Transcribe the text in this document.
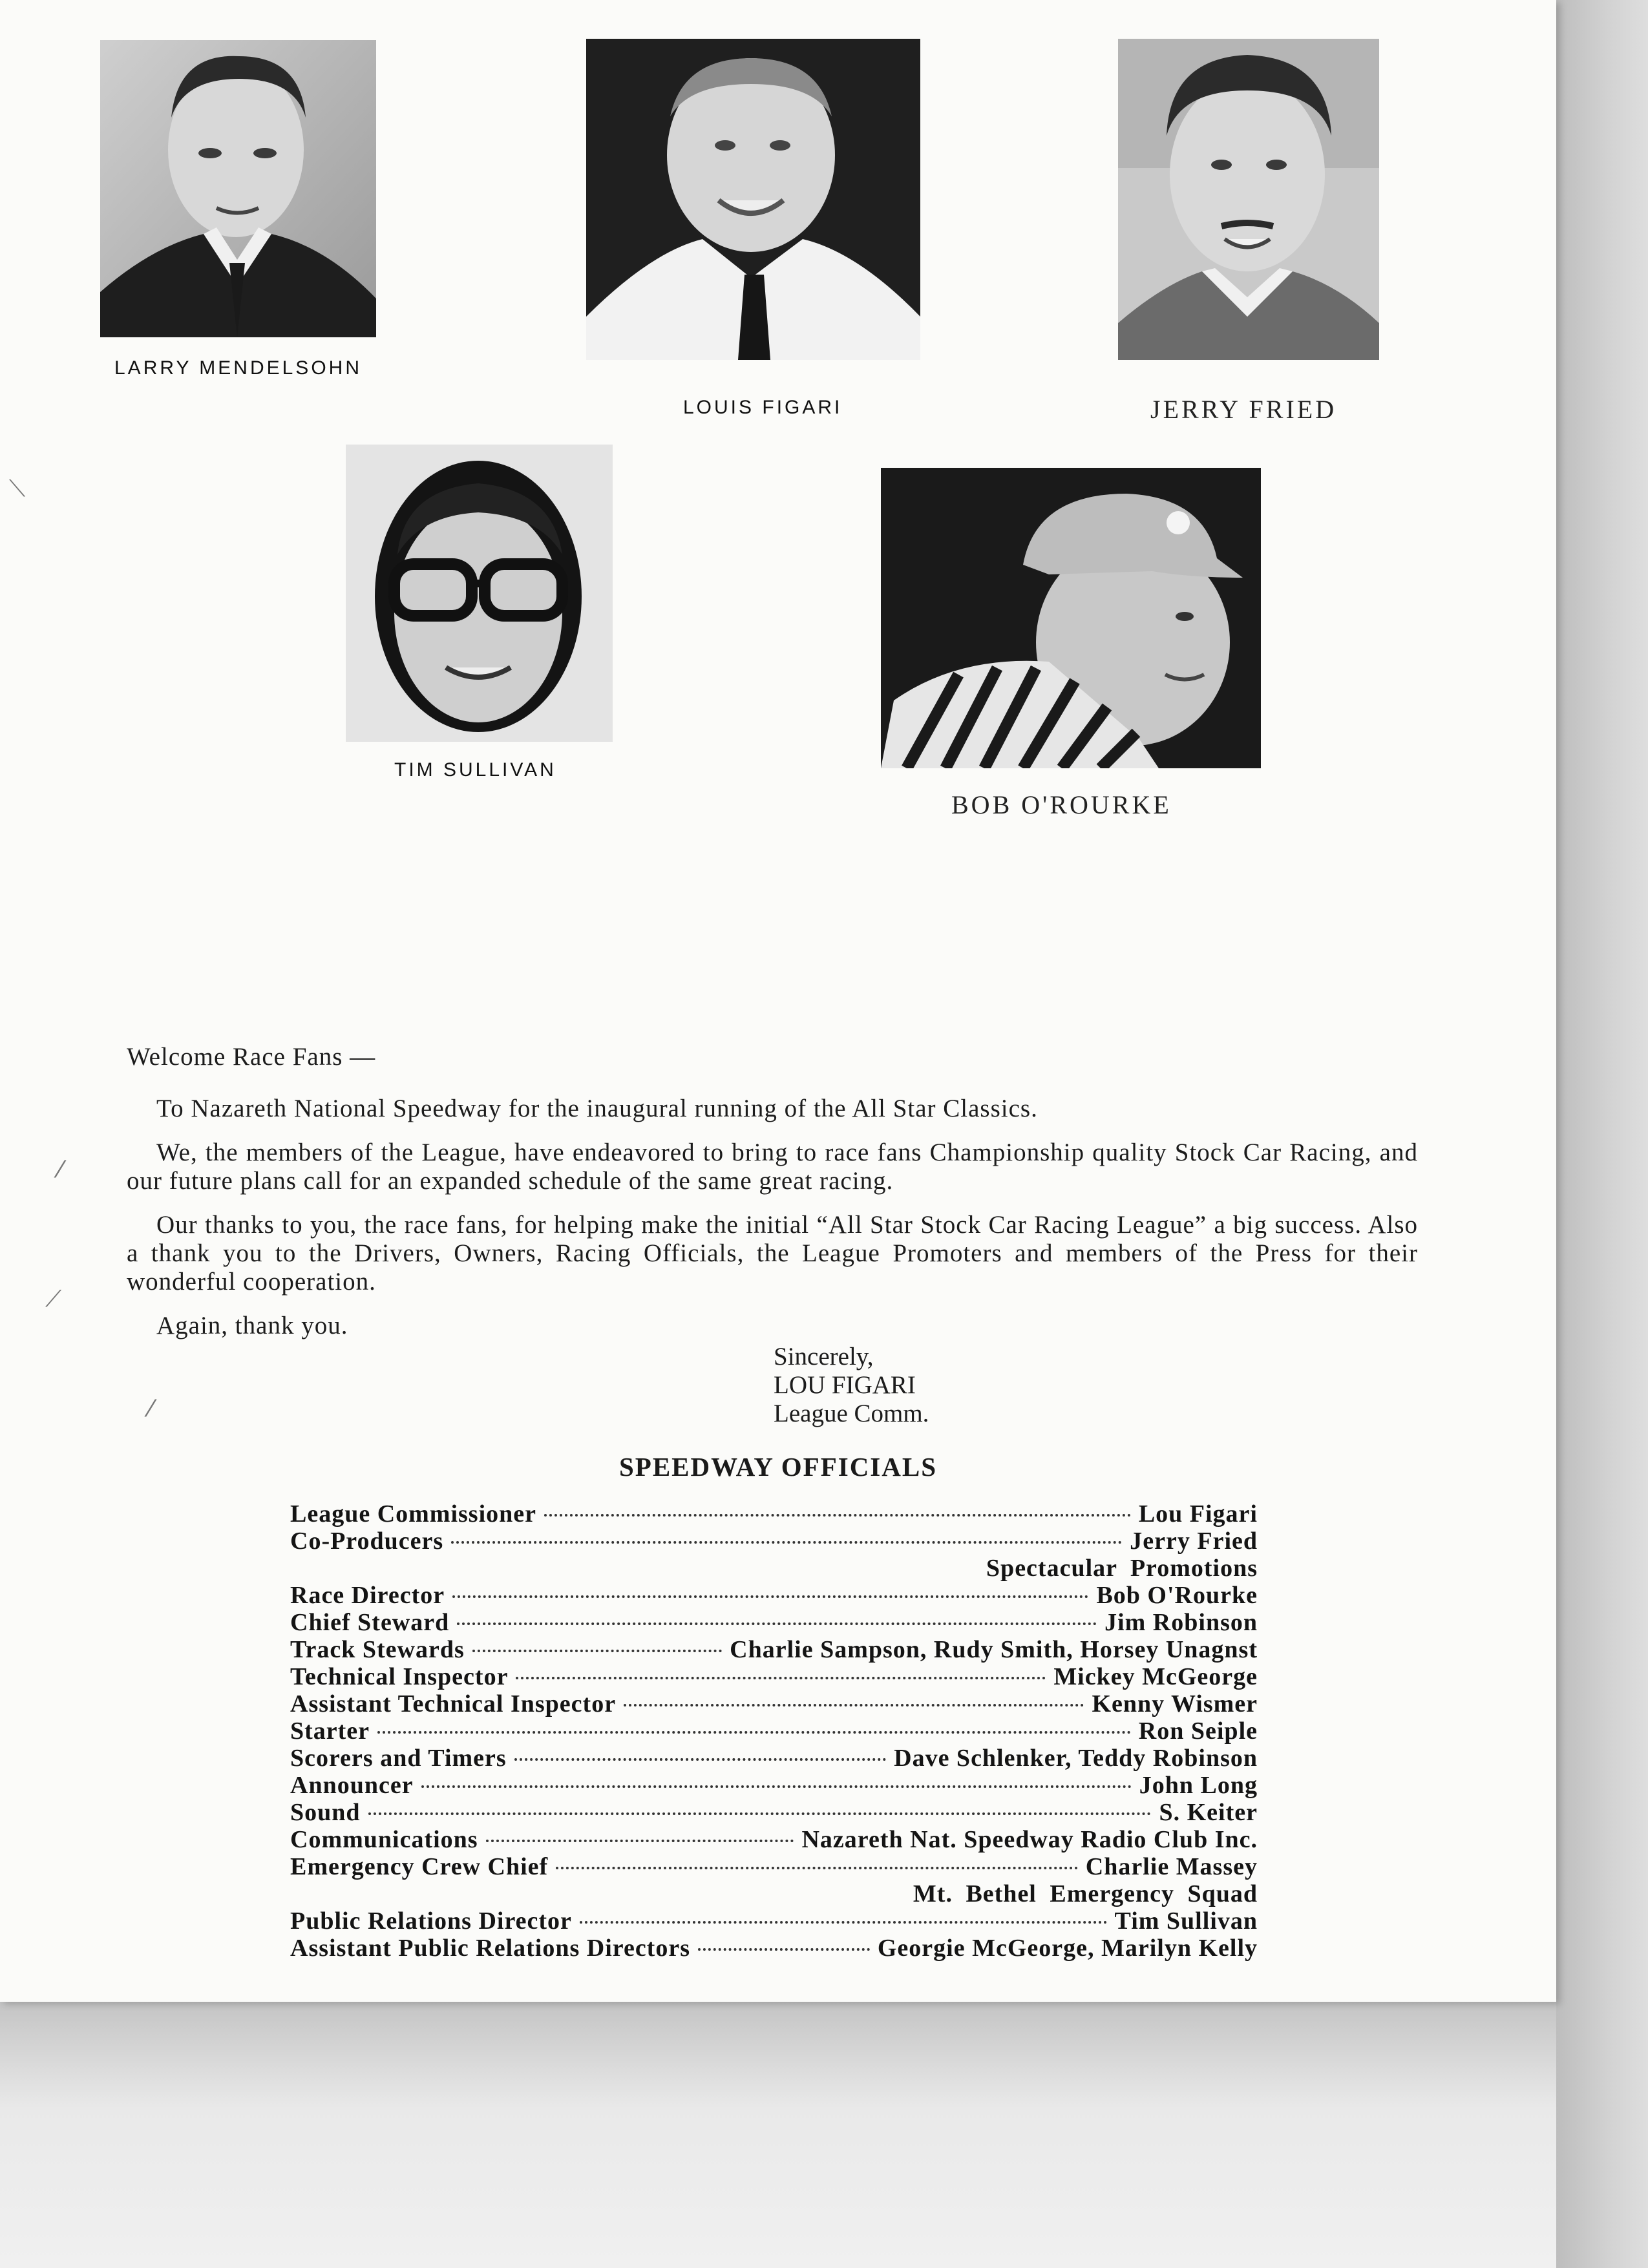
LARRY MENDELSOHN
LOUIS FIGARI	JERRY FRIED
TIM SULLIVAN
BOB O'ROURKE
⟍
⁄
⟋
⁄

Welcome Race Fans —

To Nazareth National Speedway for the inaugural running of the All Star Classics.

We, the members of the League, have endeavored to bring to race fans Championship quality Stock Car Racing, and our future plans call for an expanded schedule of the same great racing.

Our thanks to you, the race fans, for helping make the initial “All Star Stock Car Racing League” a big success. Also a thank you to the Drivers, Owners, Racing Officials, the League Promoters and members of the Press for their wonderful cooperation.

Again, thank you.

Sincerely,
LOU FIGARI
League Comm.
SPEEDWAY OFFICIALS
League Commissioner	Lou Figari
Co-Producers	Jerry Fried
Spectacular Promotions
Race Director	Bob O'Rourke
Chief Steward	Jim Robinson
Track Stewards	Charlie Sampson, Rudy Smith, Horsey Unagnst
Technical Inspector	Mickey McGeorge
Assistant Technical Inspector	Kenny Wismer
Starter	Ron Seiple
Scorers and Timers	Dave Schlenker, Teddy Robinson
Announcer	John Long
Sound	S. Keiter
Communications	Nazareth Nat. Speedway Radio Club Inc.
Emergency Crew Chief	Charlie Massey
Mt. Bethel Emergency Squad
Public Relations Director	Tim Sullivan
Assistant Public Relations Directors	Georgie McGeorge, Marilyn Kelly
